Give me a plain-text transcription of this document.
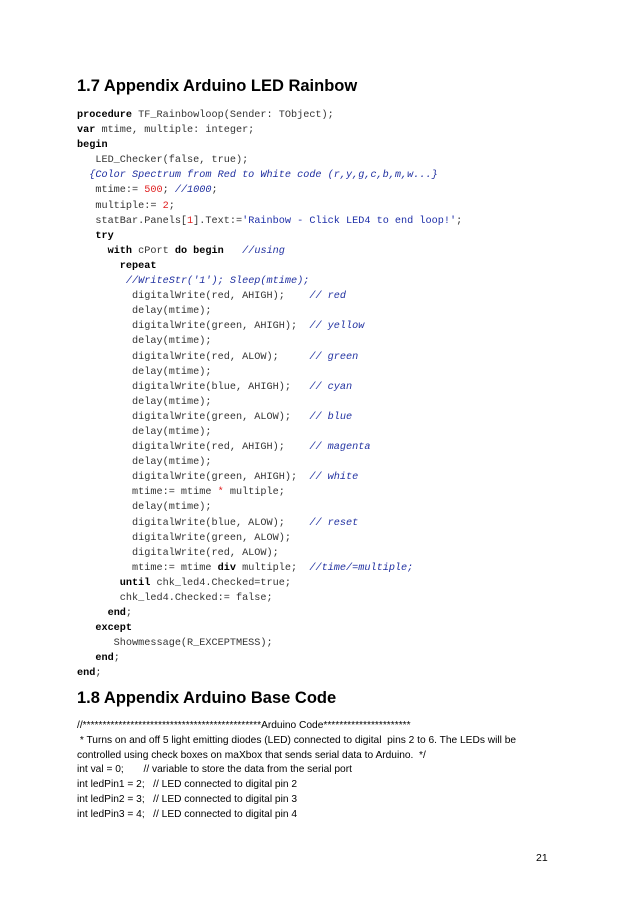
1.7 Appendix Arduino LED Rainbow
procedure TF_Rainbowloop(Sender: TObject);
var mtime, multiple: integer;
begin
LED_Checker(false, true);
{Color Spectrum from Red to White code (r,y,g,c,b,m,w...}
mtime:= 500; //1000;
multiple:= 2;
statBar.Panels[1].Text:='Rainbow - Click LED4 to end loop!';
try
with cPort do begin //using
repeat
//WriteStr('1'); Sleep(mtime);
digitalWrite(red, AHIGH);    // red
delay(mtime);
digitalWrite(green, AHIGH);  // yellow
delay(mtime);
digitalWrite(red, ALOW);     // green
delay(mtime);
digitalWrite(blue, AHIGH);   // cyan
delay(mtime);
digitalWrite(green, ALOW);   // blue
delay(mtime);
digitalWrite(red, AHIGH);    // magenta
delay(mtime);
digitalWrite(green, AHIGH);  // white
mtime:= mtime * multiple;
delay(mtime);
digitalWrite(blue, ALOW);    // reset
digitalWrite(green, ALOW);
digitalWrite(red, ALOW);
mtime:= mtime div multiple;  //time/=multiple;
until chk_led4.Checked=true;
chk_led4.Checked:= false;
end;
except
Showmessage(R_EXCEPTMESS);
end;
end;
1.8 Appendix Arduino Base Code
//*********************************************Arduino Code**********************
* Turns on and off 5 light emitting diodes (LED) connected to digital  pins 2 to 6. The LEDs will be
controlled using check boxes on maXbox that sends serial data to Arduino.  */
int val = 0;       // variable to store the data from the serial port
int ledPin1 = 2;   // LED connected to digital pin 2
int ledPin2 = 3;   // LED connected to digital pin 3
int ledPin3 = 4;   // LED connected to digital pin 4
21
